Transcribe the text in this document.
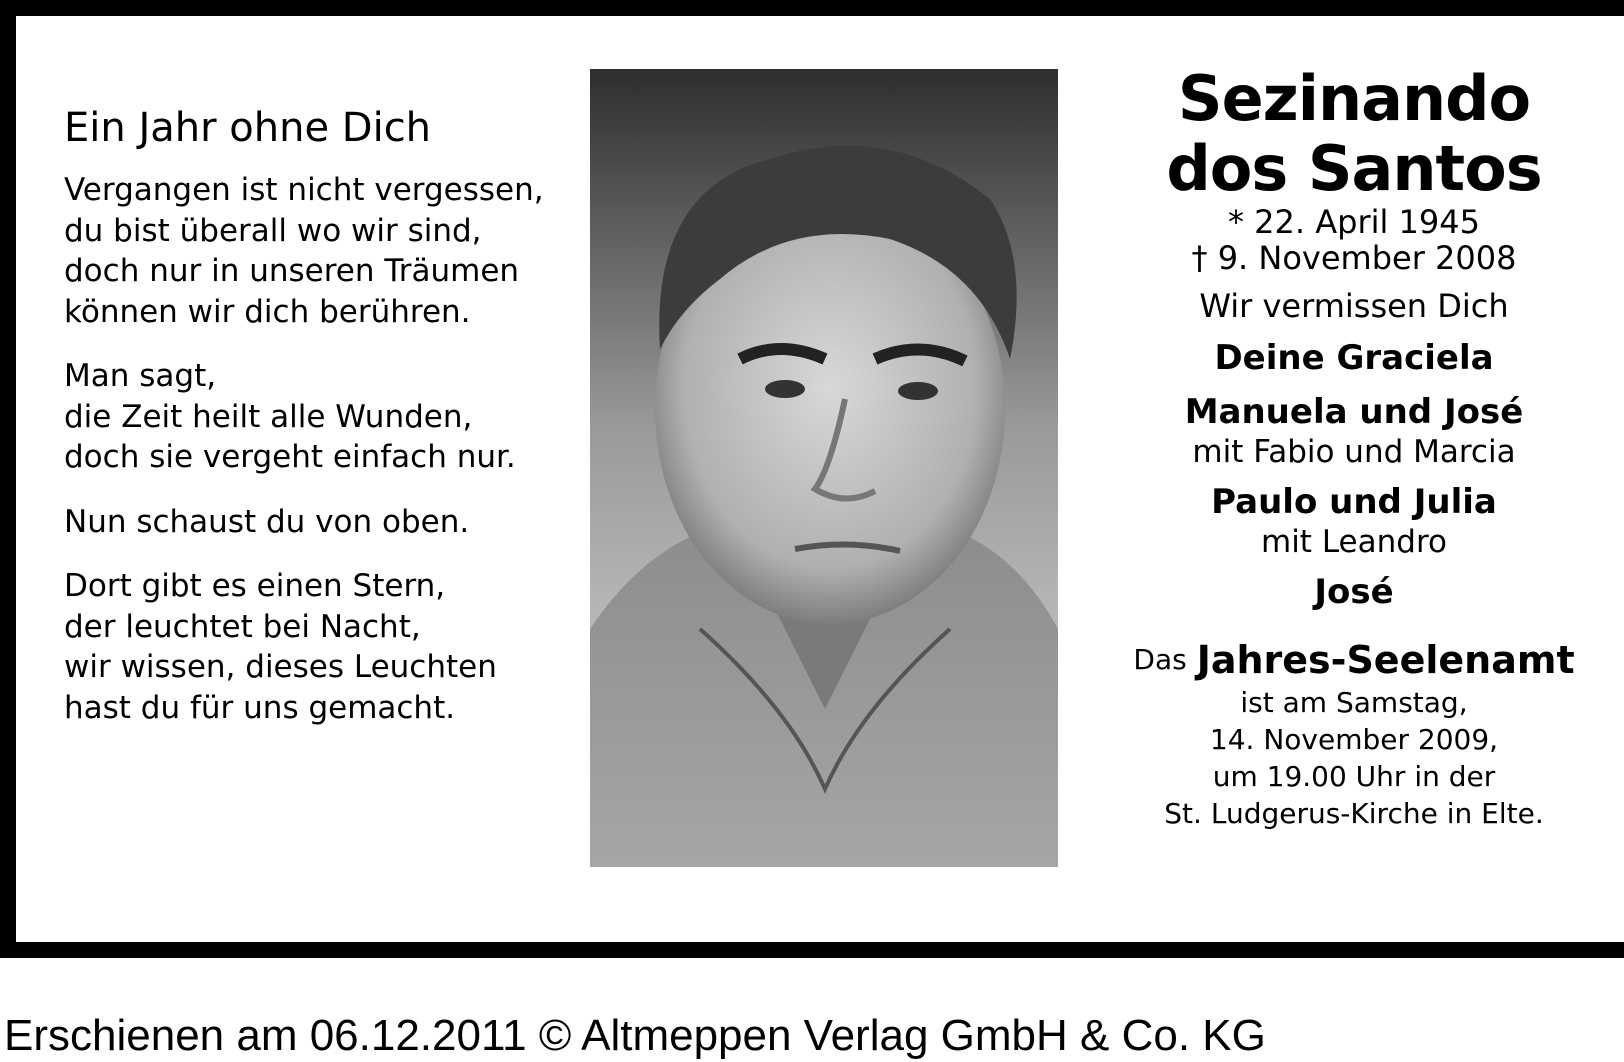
Ein Jahr ohne Dich

Vergangen ist nicht vergessen,
du bist überall wo wir sind,
doch nur in unseren Träumen
können wir dich berühren.

Man sagt,
die Zeit heilt alle Wunden,
doch sie vergeht einfach nur.

Nun schaust du von oben.

Dort gibt es einen Stern,
der leuchtet bei Nacht,
wir wissen, dieses Leuchten
hast du für uns gemacht.

Sezinando

dos Santos

* 22. April 1945

† 9. November 2008

Wir vermissen Dich

Deine Graciela

Manuela und José

mit Fabio und Marcia

Paulo und Julia

mit Leandro

José

Das Jahres-Seelenamt

ist am Samstag,

14. November 2009,

um 19.00 Uhr in der

St. Ludgerus-Kirche in Elte.

Erschienen am 06.12.2011 © Altmeppen Verlag GmbH & Co. KG
